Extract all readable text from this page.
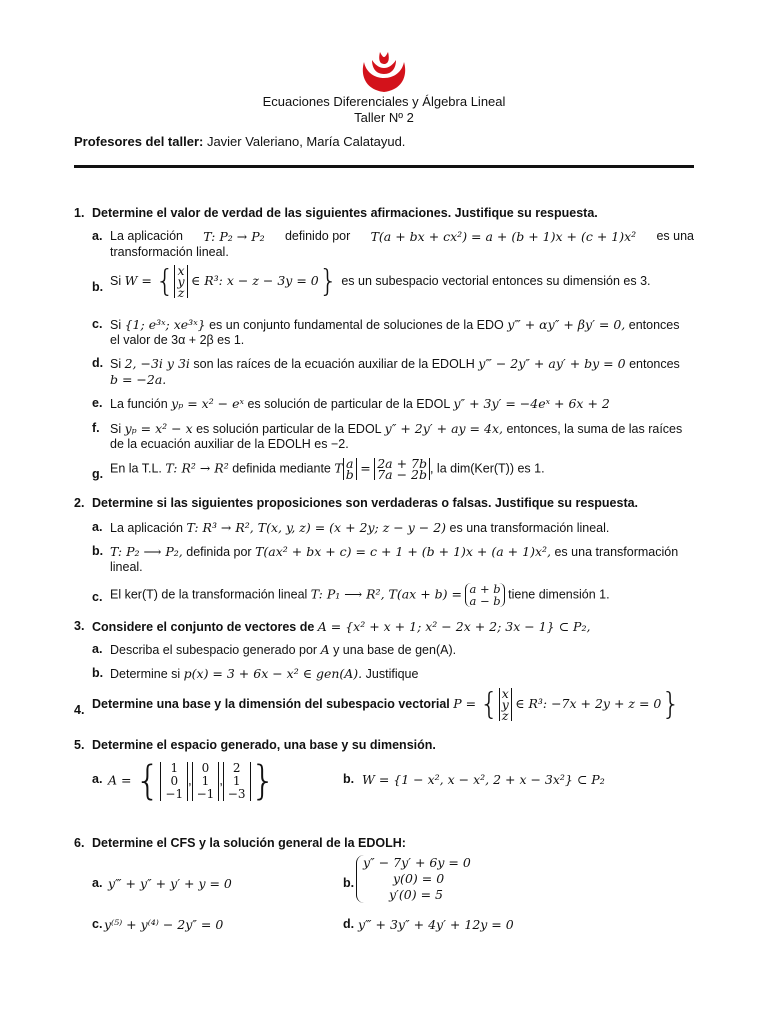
Ecuaciones Diferenciales y Álgebra Lineal
Taller Nº 2
Profesores del taller: Javier Valeriano, María Calatayud.
1. Determine el valor de verdad de las siguientes afirmaciones. Justifique su respuesta.
a. La aplicación T: P₂ → P₂ definido por T(a + bx + cx²) = a + (b + 1)x + (c + 1)x² es una
transformación lineal.
b. Si W = { x
y
z
∈ R³: x − z − 3y = 0} es un subespacio vectorial entonces su dimensión es 3.
c. Si {1; e³ˣ; xe³ˣ} es un conjunto fundamental de soluciones de la EDO y‴ + αy″ + βy′ = 0, entonces
el valor de 3α + 2β es 1.
d. Si 2, −3i y 3i son las raíces de la ecuación auxiliar de la EDOLH y‴ − 2y″ + ay′ + by = 0 entonces
b = −2a.
e. La función yₚ = x² − eˣ es solución de particular de la EDOL y″ + 3y′ = −4eˣ + 6x + 2
f. Si yₚ = x² − x es solución particular de la EDOL y″ + 2y′ + ay = 4x, entonces, la suma de las raíces
de la ecuación auxiliar de la EDOLH es −2.
g. En la T.L. T: R² → R² definida mediante T a
b = 2a + 7b
7a − 2b , la dim(Ker(T)) es 1.
2. Determine si las siguientes proposiciones son verdaderas o falsas. Justifique su respuesta.
a. La aplicación T: R³ → R², T(x, y, z) = (x + 2y; z − y − 2) es una transformación lineal.
b. T: P₂ ⟶ P₂, definida por T(ax² + bx + c) = c + 1 + (b + 1)x + (a + 1)x², es una transformación
lineal.
c. El ker(T) de la transformación lineal T: P₁ ⟶ R², T(ax + b) = a + b
a − b tiene dimensión 1.
3. Considere el conjunto de vectores de A = {x² + x + 1; x² − 2x + 2; 3x − 1} ⊂ P₂,
a. Describa el subespacio generado por A y una base de gen(A).
b. Determine si p(x) = 3 + 6x − x² ∈ gen(A). Justifique
4. Determine una base y la dimensión del subespacio vectorial P = { x
y
z
∈ R³: −7x + 2y + z = 0}
5. Determine el espacio generado, una base y su dimensión.
a. A = { 1
0
−1
,
0
1
−1
,
2
1
−3 }	b. W = {1 − x², x − x², 2 + x − 3x²} ⊂ P₂
6. Determine el CFS y la solución general de la EDOLH:
a. y‴ + y″ + y′ + y = 0	b.
y″ − 7y′ + 6y = 0
y(0) = 0
y′(0) = 5
c. y⁽⁵⁾ + y⁽⁴⁾ − 2y″ = 0	d. y‴ + 3y″ + 4y′ + 12y = 0
